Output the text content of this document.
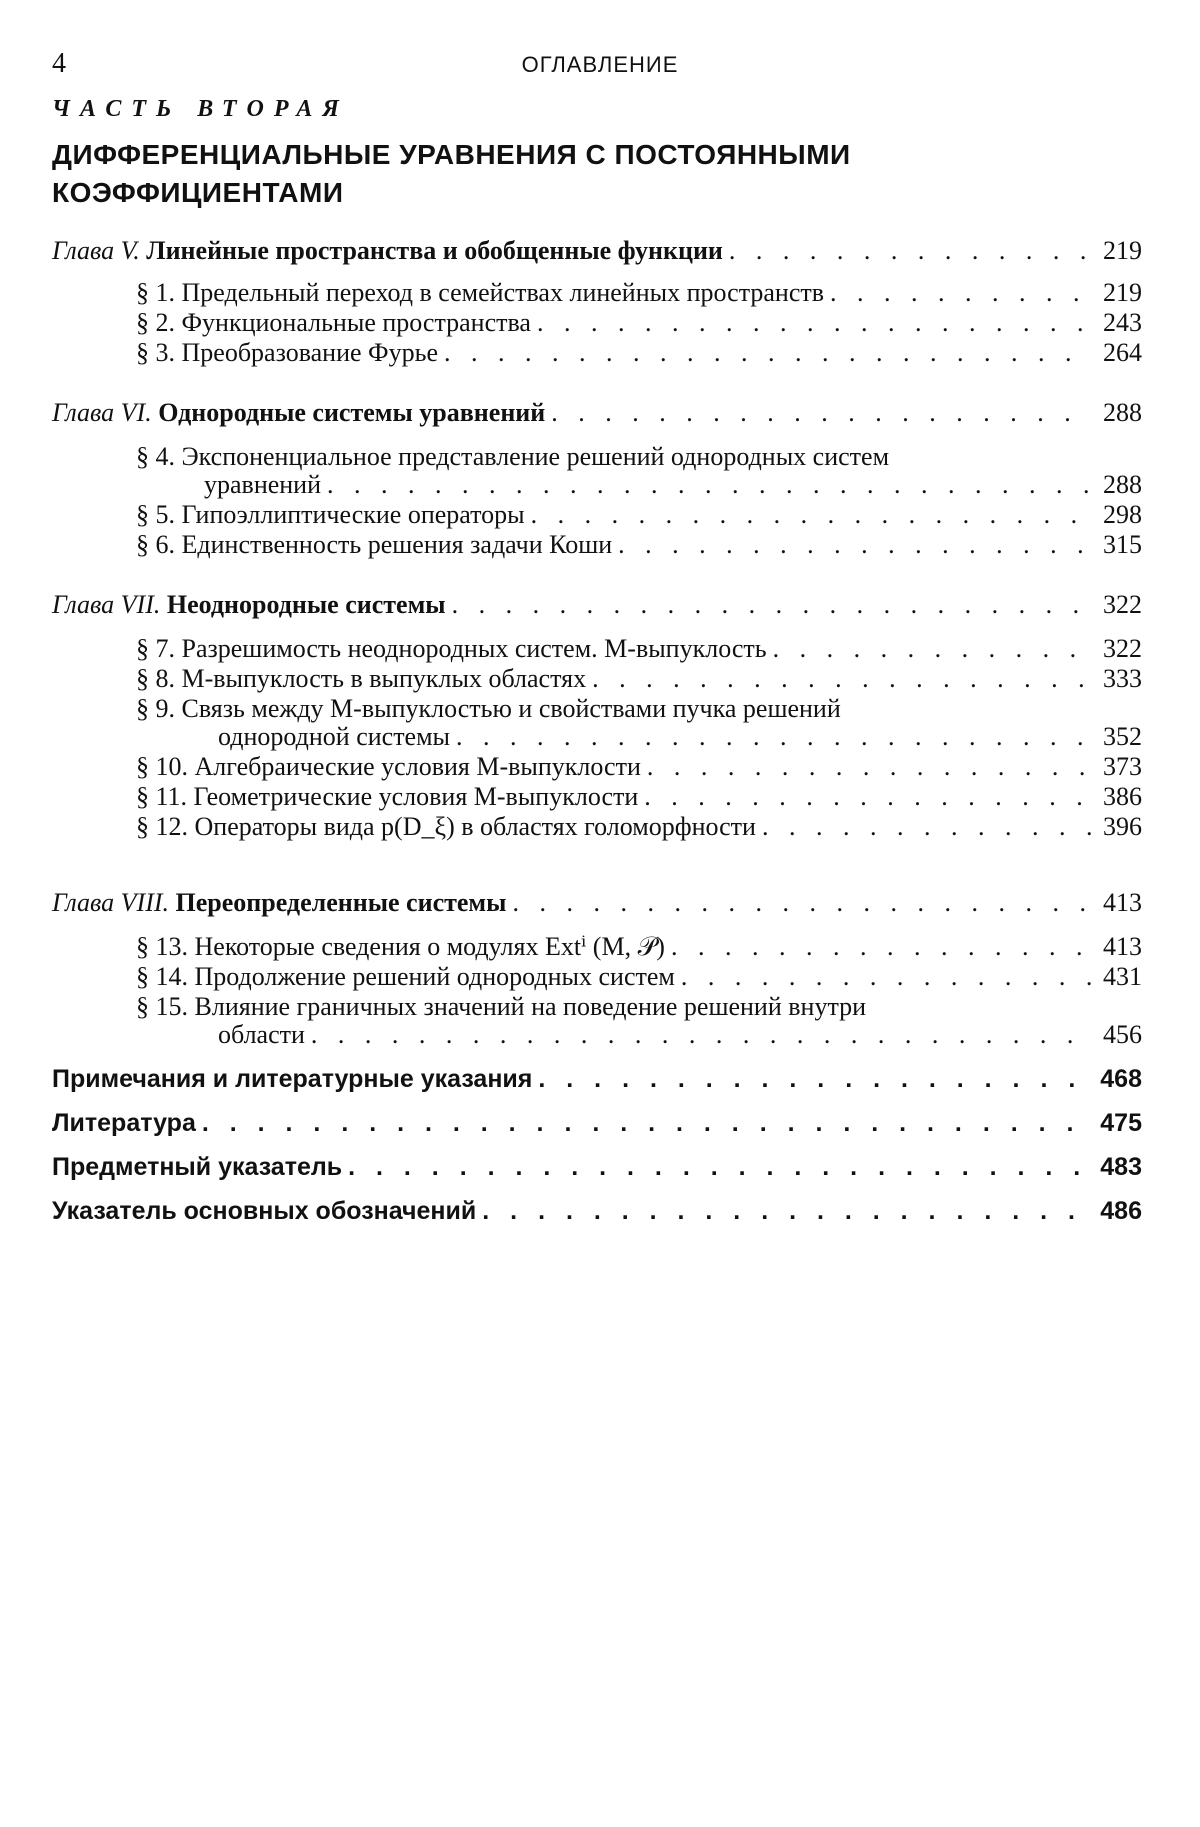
4	ОГЛАВЛЕНИЕ
ЧАСТЬ ВТОРАЯ
ДИФФЕРЕНЦИАЛЬНЫЕ УРАВНЕНИЯ С ПОСТОЯННЫМИ
КОЭФФИЦИЕНТАМИ
Глава V. Линейные пространства и обобщенные функции . . .	219
§ 1. Предельный переход в семействах линейных пространств . . .	219
§ 2. Функциональные пространства . . .	243
§ 3. Преобразование Фурье . . .	264
Глава VI. Однородные системы уравнений . . .	288
§ 4. Экспоненциальное представление решений однородных систем
уравнений . . .	288
§ 5. Гипоэллиптические операторы . . .	298
§ 6. Единственность решения задачи Коши . . .	315
Глава VII. Неоднородные системы . . .	322
§ 7. Разрешимость неоднородных систем. M-выпуклость . . .	322
§ 8. M-выпуклость в выпуклых областях . . .	333
§ 9. Связь между M-выпуклостью и свойствами пучка решений
однородной системы . . .	352
§ 10. Алгебраические условия M-выпуклости . . .	373
§ 11. Геометрические условия M-выпуклости . . .	386
§ 12. Операторы вида p(D_ξ) в областях голоморфности . . .	396
Глава VIII. Переопределенные системы . . .	413
§ 13. Некоторые сведения о модулях Extⁱ (M, 𝒫) . . .	413
§ 14. Продолжение решений однородных систем . . .	431
§ 15. Влияние граничных значений на поведение решений внутри
области . . .	456
Примечания и литературные указания . . .	468
Литература . . .	475
Предметный указатель . . .	483
Указатель основных обозначений . . .	486
